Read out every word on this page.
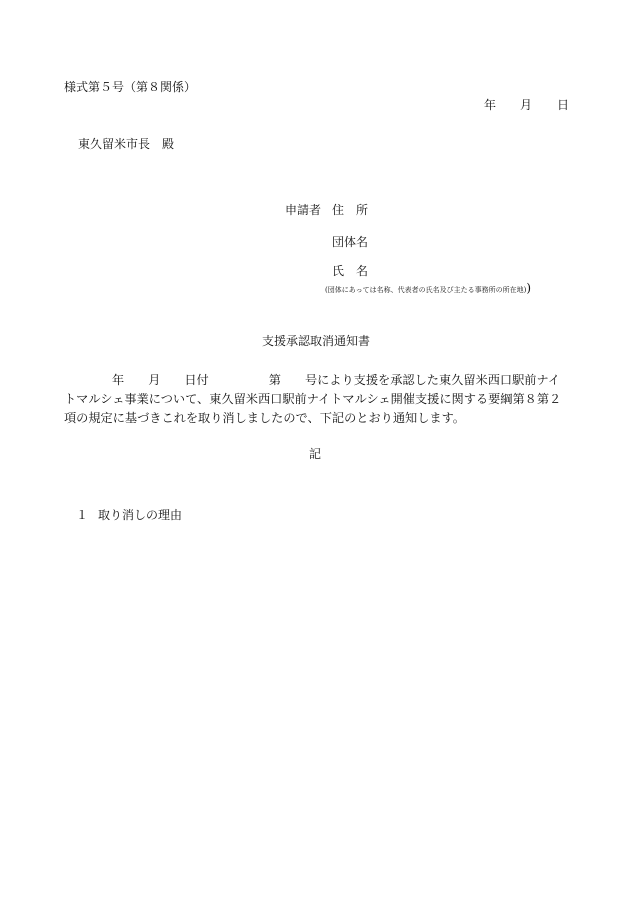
様式第５号（第８関係）
年 月 日
東久留米市長　殿
申請者 住　所
団体名
氏　名
(団体にあっては名称、代表者の氏名及び主たる事務所の所在地))
支援承認取消通知書
年 月 日付	第 号により支援を承認した東久留米西口駅前ナイ
トマルシェ事業について、東久留米西口駅前ナイトマルシェ開催支援に関する要綱第８第２
項の規定に基づきこれを取り消しましたので、下記のとおり通知します。
記
１ 取り消しの理由
